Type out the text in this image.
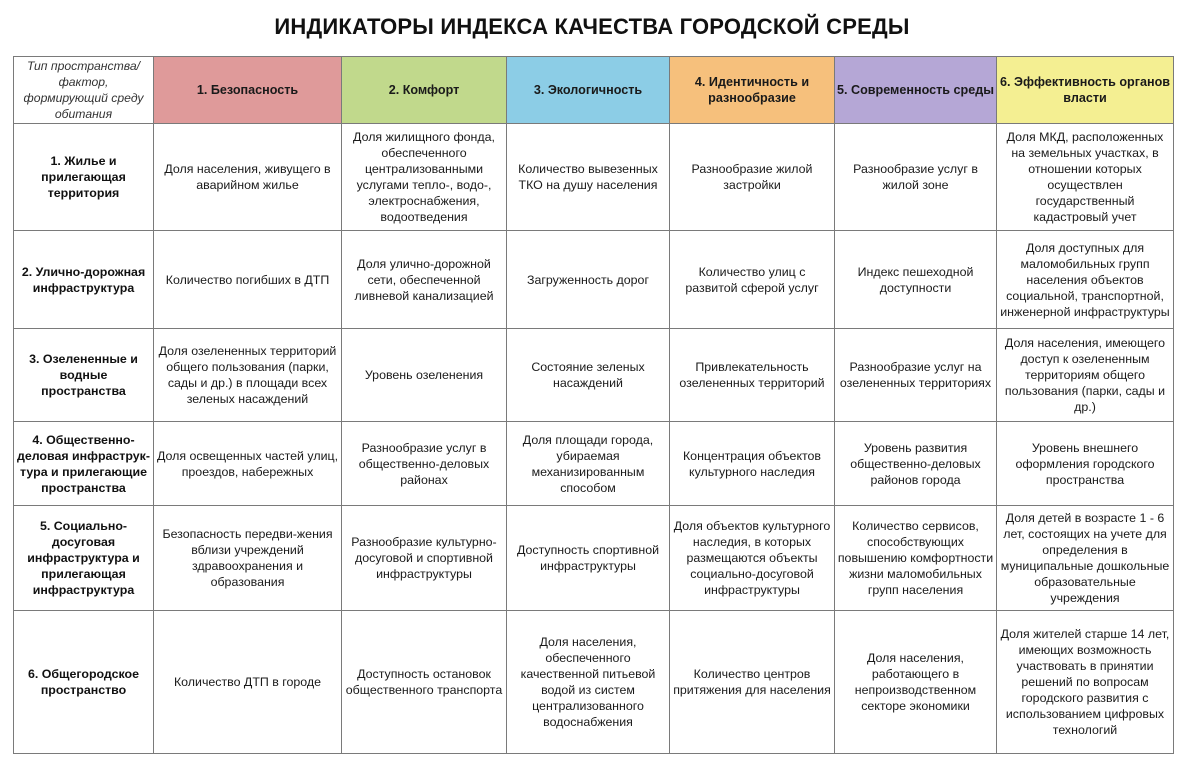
ИНДИКАТОРЫ ИНДЕКСА КАЧЕСТВА ГОРОДСКОЙ СРЕДЫ
Тип пространства/фактор, формирующий среду обитания	1. Безопасность	2. Комфорт	3. Экологичность	4. Идентичность и разнообразие	5. Современность среды	6. Эффективность органов власти
1. Жилье и прилегающая территория	Доля населения, живущего в аварийном жилье	Доля жилищного фонда, обеспеченного централизованными услугами тепло-, водо-, электроснабжения, водоотведения	Количество вывезенных ТКО на душу населения	Разнообразие жилой застройки	Разнообразие услуг в жилой зоне	Доля МКД, расположенных на земельных участках, в отношении которых осуществлен государственный кадастровый учет
2. Улично-дорожная инфраструктура	Количество погибших в ДТП	Доля улично-дорожной сети, обеспеченной ливневой канализацией	Загруженность дорог	Количество улиц с развитой сферой услуг	Индекс пешеходной доступности	Доля доступных для маломобильных групп населения объектов социальной, транспортной, инженерной инфраструктуры
3. Озелененные и водные пространства	Доля озелененных территорий общего пользования (парки, сады и др.) в площади всех зеленых насаждений	Уровень озеленения	Состояние зеленых насаждений	Привлекательность озелененных территорий	Разнообразие услуг на озелененных территориях	Доля населения, имеющего доступ к озелененным территориям общего пользования (парки, сады и др.)
4. Общественно-деловая инфраструк-тура и прилегающие пространства	Доля освещенных частей улиц, проездов, набережных	Разнообразие услуг в общественно-деловых районах	Доля площади города, убираемая механизированным способом	Концентрация объектов культурного наследия	Уровень развития общественно-деловых районов города	Уровень внешнего оформления городского пространства
5. Социально-досуговая инфраструктура и прилегающая инфраструктура	Безопасность передви-жения вблизи учреждений здравоохранения и образования	Разнообразие культурно-досуговой и спортивной инфраструктуры	Доступность спортивной инфраструктуры	Доля объектов культурного наследия, в которых размещаются объекты социально-досуговой инфраструктуры	Количество сервисов, способствующих повышению комфортности жизни маломобильных групп населения	Доля детей в возрасте 1 - 6 лет, состоящих на учете для определения в муниципальные дошкольные образовательные учреждения
6. Общегородское пространство	Количество ДТП в городе	Доступность остановок общественного транспорта	Доля населения, обеспеченного качественной питьевой водой из систем централизованного водоснабжения	Количество центров притяжения для населения	Доля населения, работающего в непроизводственном секторе экономики	Доля жителей старше 14 лет, имеющих возможность участвовать в принятии решений по вопросам городского развития с использованием цифровых технологий
